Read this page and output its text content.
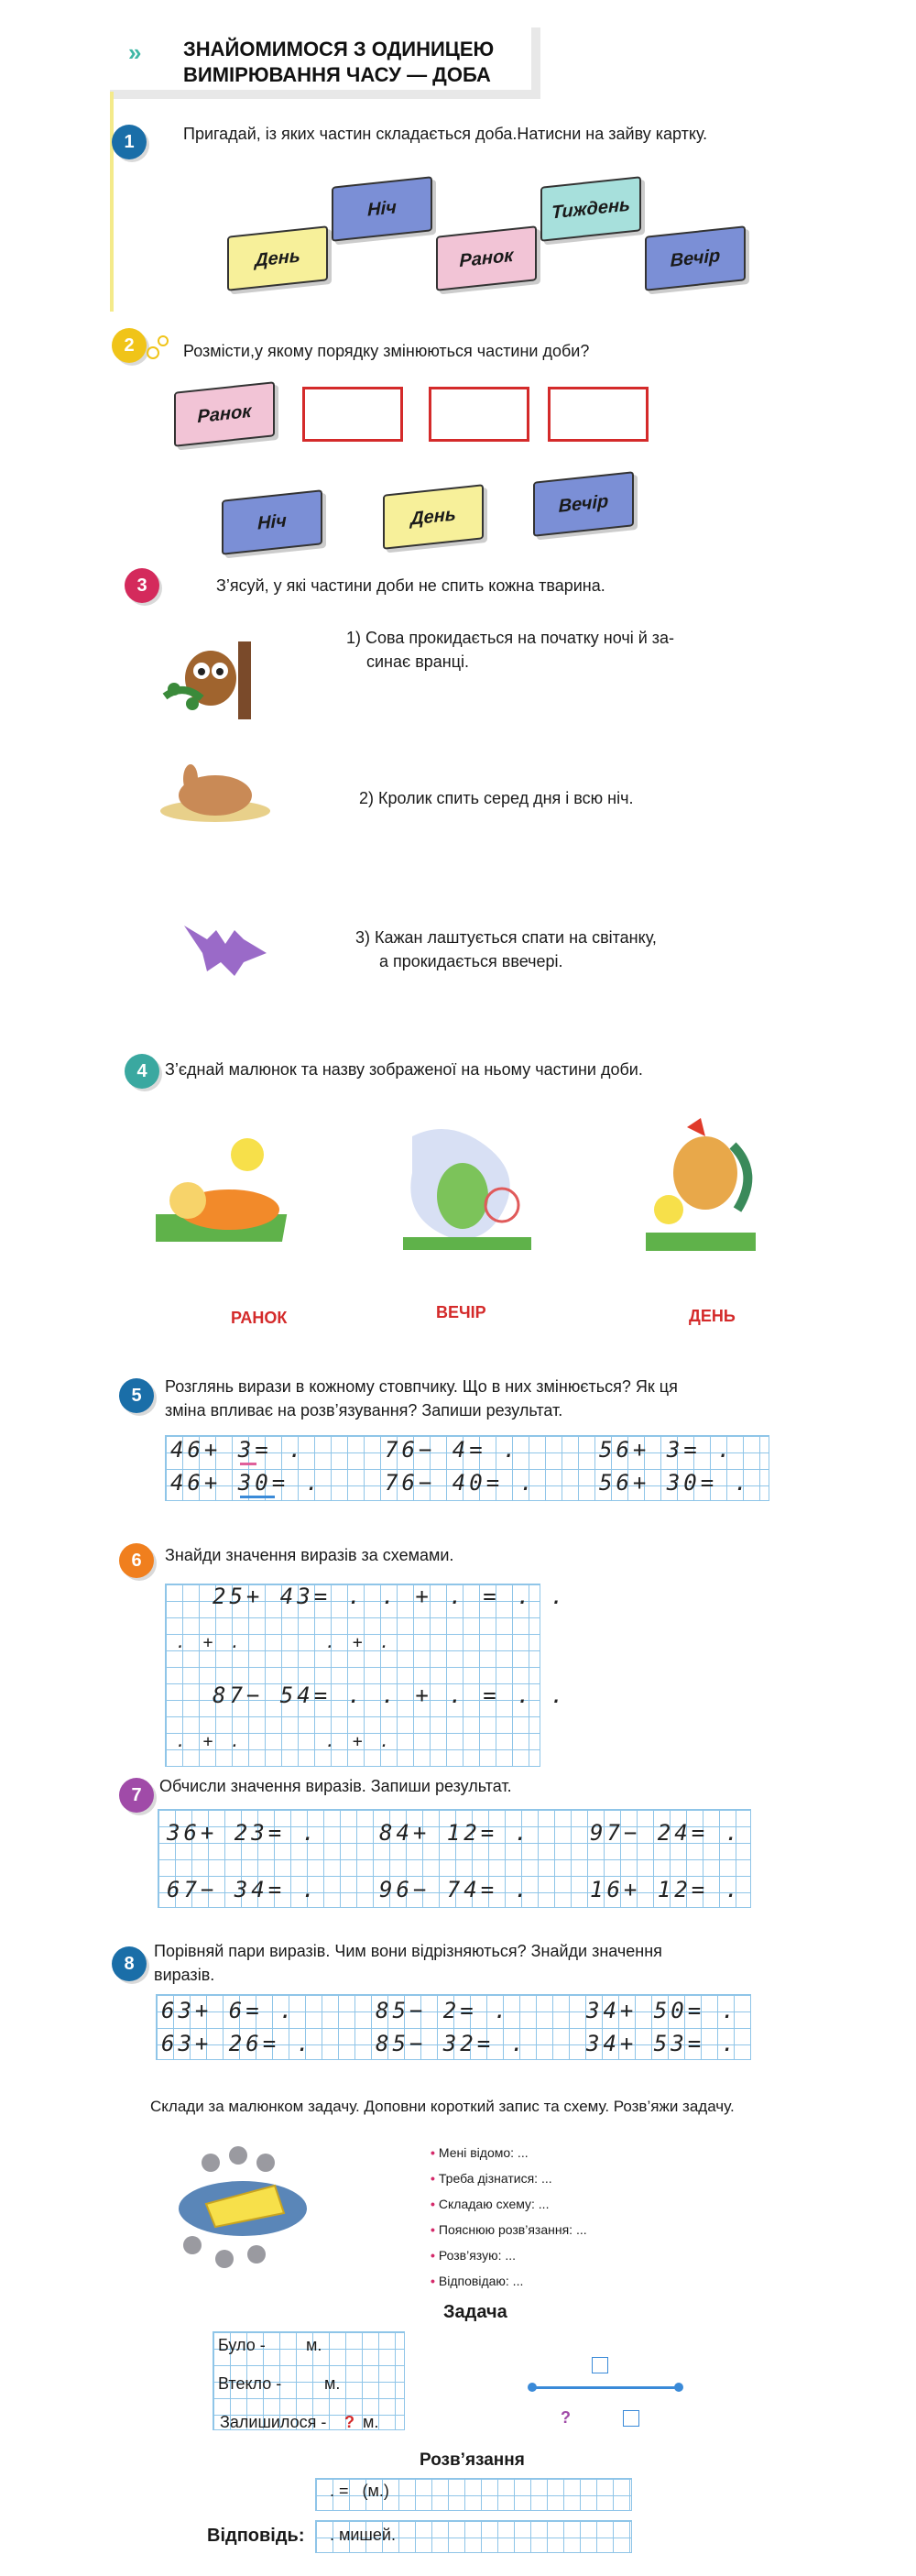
» ЗНАЙОМИМОСЯ З ОДИНИЦЕЮ
ВИМІРЮВАННЯ ЧАСУ — ДОБА
1	Пригадай, із яких частин складається доба.Натисни на зайву картку.
Ніч	Тиждень
День	Ранок	Вечір
2	Розмісти,у якому порядку змінюються частини доби?
Ранок
Ніч	День
Вечір
3	З’ясуй, у які частини доби не спить кожна тварина.
1) Сова прокидається на початку ночі й за-
синає вранці.
2) Кролик спить серед дня і всю ніч.
3) Кажан лаштується спати на світанку,
а прокидається ввечері.
4	З’єднай малюнок та назву зображеної на ньому частини доби.
РАНОК	ВЕЧІР	ДЕНЬ
5	Розглянь вирази в кожному стовпчику. Що в них змінюється? Як ця
зміна впливає на розв’язування? Запиши результат.
46+ 3= .	76− 4= .	56+ 3= .
46+ 30= .	76− 40= .	56+ 30= .
6	Знайди значення виразів за схемами.
25+ 43= . . + . = . .
. + .      . + .
87− 54= . . + . = . .
. + .      . + .
7	Обчисли значення виразів. Запиши результат.
36+ 23= .	84+ 12= .	97− 24= .
67− 34= .	96− 74= .	16+ 12= .
8
Порівняй пари виразів. Чим вони відрізняються? Знайди значення
виразів.
63+ 6= .	85− 2= .	34+ 50= .
63+ 26= .	85− 32= .	34+ 53= .
Склади за малюнком задачу. Доповни короткий запис та схему. Розв’яжи задачу.
• Мені відомо: ...
• Треба дізнатися: ...
• Складаю схему: ...
• Пояснюю розв’язання: ...
• Розв’язую: ...
• Відповідаю: ...
Задача
Було - м.
Втекло -	м.
Залишилося - ? м.	?
Розв’язання
. =   (м.)
Відповідь: . мишей.
